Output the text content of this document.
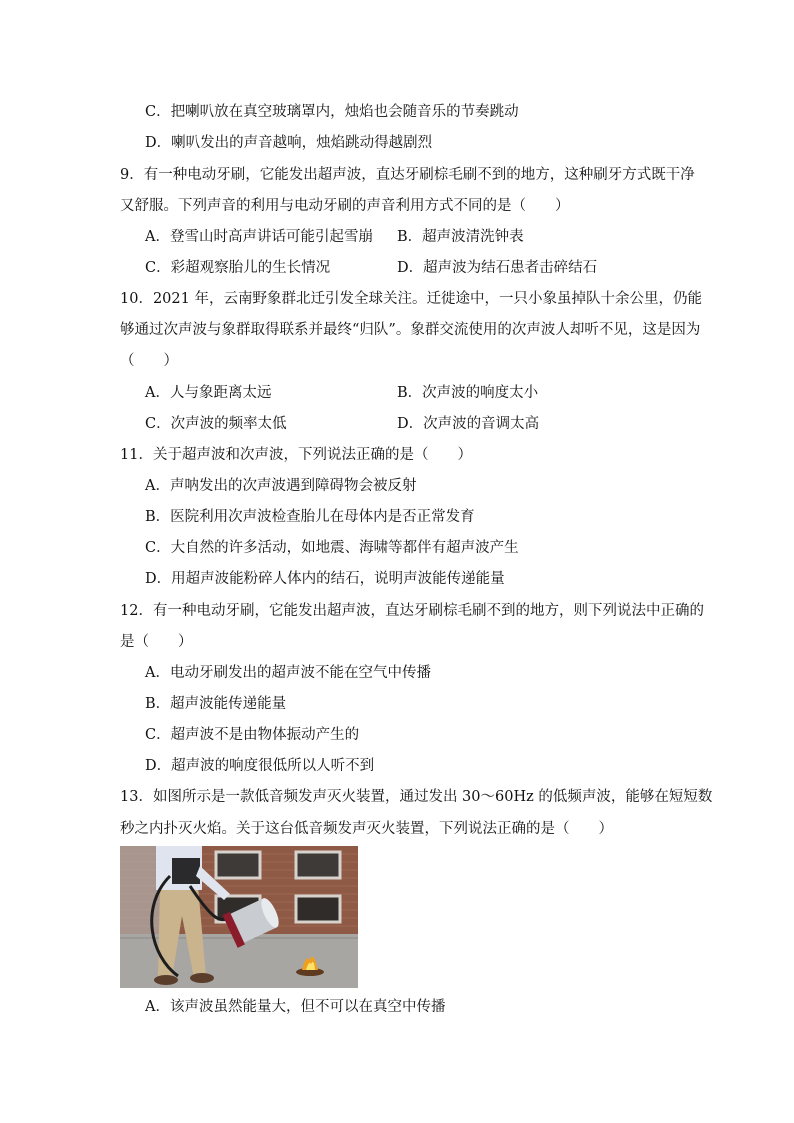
C．把喇叭放在真空玻璃罩内，烛焰也会随音乐的节奏跳动
D．喇叭发出的声音越响，烛焰跳动得越剧烈
9．有一种电动牙刷，它能发出超声波，直达牙刷棕毛刷不到的地方，这种刷牙方式既干净
又舒服。下列声音的利用与电动牙刷的声音利用方式不同的是（　　）
A．登雪山时高声讲话可能引起雪崩 B．超声波清洗钟表
C．彩超观察胎儿的生长情况	D．超声波为结石患者击碎结石
10．2021 年，云南野象群北迁引发全球关注。迁徙途中，一只小象虽掉队十余公里，仍能
够通过次声波与象群取得联系并最终“归队”。象群交流使用的次声波人却听不见，这是因为
（　　）
A．人与象距离太远	B．次声波的响度太小
C．次声波的频率太低	D．次声波的音调太高
11．关于超声波和次声波，下列说法正确的是（　　）
A．声呐发出的次声波遇到障碍物会被反射
B．医院利用次声波检查胎儿在母体内是否正常发育
C．大自然的许多活动，如地震、海啸等都伴有超声波产生
D．用超声波能粉碎人体内的结石，说明声波能传递能量
12．有一种电动牙刷，它能发出超声波，直达牙刷棕毛刷不到的地方，则下列说法中正确的
是（　　）
A．电动牙刷发出的超声波不能在空气中传播
B．超声波能传递能量
C．超声波不是由物体振动产生的
D．超声波的响度很低所以人听不到
13．如图所示是一款低音频发声灭火装置，通过发出 30～60Hz 的低频声波，能够在短短数
秒之内扑灭火焰。关于这台低音频发声灭火装置，下列说法正确的是（　　）
A．该声波虽然能量大，但不可以在真空中传播
